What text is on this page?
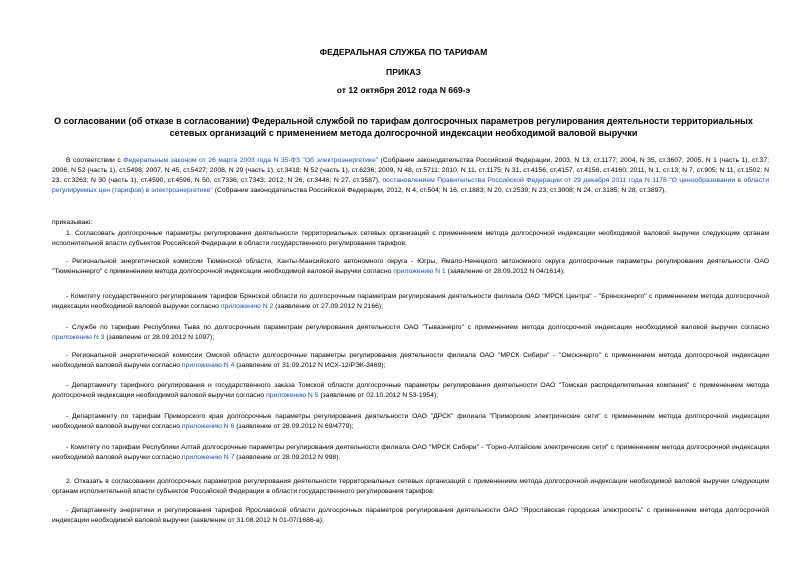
ФЕДЕРАЛЬНАЯ СЛУЖБА ПО ТАРИФАМ
ПРИКАЗ
от 12 октября 2012 года N 669-э
О согласовании (об отказе в согласовании) Федеральной службой по тарифам долгосрочных параметров регулирования деятельности территориальных сетевых организаций с применением метода долгосрочной индексации необходимой валовой выручки
В соответствии с Федеральным законом от 26 марта 2003 года N 35-ФЗ "Об электроэнергетике" (Собрание законодательства Российской Федерации, 2003, N 13, ст.1177; 2004, N 35, ст.3607; 2005, N 1 (часть 1), ст.37; 2006, N 52 (часть 1), ст.5498; 2007, N 45, ст.5427; 2008, N 29 (часть 1), ст.3418; N 52 (часть 1), ст.6236; 2009, N 48, ст.5711; 2010, N 11, ст.1175; N 31, ст.4156, ст.4157, ст.4158, ст.4160; 2011, N 1, ст.13; N 7, ст.905; N 11, ст.1502; N 23, ст.3263; N 30 (часть 1), ст.4590, ст.4596, N 50, ст.7336, ст.7343; 2012, N 26, ст.3446; N 27, ст.3587), постановлением Правительства Российской Федерации от 29 декабря 2011 года N 1178 "О ценообразовании в области регулируемых цен (тарифов) в электроэнергетике" (Собрание законодательства Российской Федерации, 2012, N 4, ст.504; N 16, ст.1883; N 20, ст.2539; N 23, ст.3008; N 24, ст.3185; N 28, ст.3897),
приказываю:
1. Согласовать долгосрочные параметры регулирования деятельности территориальных сетевых организаций с применением метода долгосрочной индексации необходимой валовой выручки следующим органам исполнительной власти субъектов Российской Федерации в области государственного регулирования тарифов:
- Региональной энергетической комиссии Тюменской области, Ханты-Мансийского автономного округа - Югры, Ямало-Ненецкого автономного округа долгосрочные параметры регулирования деятельности ОАО "Тюменьэнерго" с применением метода долгосрочной индексации необходимой валовой выручки согласно приложению N 1 (заявление от 28.09.2012 N 04/1614);
- Комитету государственного регулирования тарифов Брянской области по долгосрочным параметрам регулирования деятельности филиала ОАО "МРСК Центра" - "Брянскэнерго" с применением метода долгосрочной индексации необходимой валовой выручки согласно приложению N 2 (заявление от 27.09.2012 N 2166);
- Службе по тарифам Республики Тыва по долгосрочным параметрам регулирования деятельности ОАО "Тываэнерго" с применением метода долгосрочной индексации необходимой валовой выручки согласно приложению N 3 (заявление от 28.09.2012 N 1097);
- Региональной энергетической комиссии Омской области долгосрочные параметры регулирования деятельности филиала ОАО "МРСК Сибири" - "Омскэнерго" с применением метода долгосрочной индексации необходимой валовой выручки согласно приложению N 4 (заявление от 31.09.2012 N ИСХ-12/РЭК-3469);
- Департаменту тарифного регулирования и государственного заказа Томской области долгосрочные параметры регулирования деятельности ОАО "Томская распределительная компания" с применением метода долгосрочной индексации необходимой валовой выручки согласно приложению N 5 (заявление от 02.10.2012 N 53-1954);
- Департаменту по тарифам Приморского края долгосрочные параметры регулирования деятельности ОАО "ДРСК" филиала "Приморские электрические сети" с применением метода долгосрочной индексации необходимой валовой выручки согласно приложению N 6 (заявление от 28.09.2012 N 69/4779);
- Комитету по тарифам Республики Алтай долгосрочные параметры регулирования деятельности филиала ОАО "МРСК Сибири" - "Горно-Алтайские электрические сети" с применением метода долгосрочной индексации необходимой валовой выручки согласно приложению N 7 (заявление от 28.09.2012 N 998).
2. Отказать в согласовании долгосрочных параметров регулирования деятельности территориальных сетевых организаций с применением метода долгосрочной индексации необходимой валовой выручки следующим органам исполнительной власти субъектов Российской Федерации в области государственного регулирования тарифов:
- Департаменту энергетики и регулирования тарифов Ярославской области долгосрочных параметров регулирования деятельности ОАО "Ярославская городская электросеть" с применением метода долгосрочной индексации необходимой валовой выручки (заявление от 31.08.2012 N 01-07/1686-а);
